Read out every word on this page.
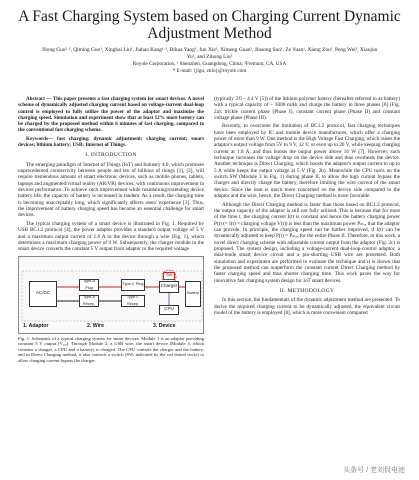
A Fast Charging System based on Charging Current Dynamic Adjustment Method
Jilong Guo¹·², Qiming Guo¹, Xinghai Liu¹, Jiahao Kang¹·², Bihua Yang¹, Jun Xie¹, Ximeng Guan², Jinsong Sun¹, Ze Yuan¹, Xiang Zou¹, Peng Wei¹, Xiaojun Yu¹, and Zihong Liu¹
Royole Corporation, ¹ Shenzhen, Guangdong, China; ²Fremont, CA, USA
* E-mail: {jlgu, zhlo}@royole.com
Abstract — This paper presents a fast charging system for smart devices. A novel scheme of dynamically adjusted charging current based on voltage-current dual-loop control is employed to fully utilize the power of the adaptor and maximize the charging speed. Simulation and experiment show that at least 12% more battery can be charged by the proposed method within 6 minutes of fast charging, compared to the conventional fast charging scheme.
Keywords— fast charging; dynamic adjustment; charging current; smart devices; lithium battery; USB; Internet of Things.
I. INTRODUCTION

The emerging paradigm of Internet of Things (IoT) and Industry 4.0, which promises unprecedented connectivity between people and ten of billions of things [1], [2], will require tremendous amount of smart electronic devices, such as mobile phones, tablets, laptops and augmented/virtual reality (AR/VR) devices, with continuous improvement in devices performance. To achieve such improvement while maintaining/extending device battery life, the capacity of battery is increased in tandem. As a result, the charging time is becoming unacceptably long, which significantly affects users' experience [3]. Thus, the improvement of battery charging speed has become an essential challenge for smart devices.

The typical charging system of a smart device is illustrated in Fig. 1. Required by USB BC1.2 protocol [4], the power adaptor provides a standard output voltage of 5 V and a maximum output current of 1.8 A to the device through a wire (Fig. 1), which determines a maximum charging power of 9 W. Subsequently, the charger module in the smart device converts the constant 5 V output from adaptor to the required voltage

AC/DC
Type-A Plug
Type-A Recep.
Type-C Plug
Type-C Recep.
Charger
SW
CPU
Battery
1. Adaptor	2. Wire	3. Device
Fig. 1. Schematic of a typical charging system for smart devices. Module 1 is an adaptor providing constant 5 V output (Vₐₐₐ). Through Module 2, a USB wire, the smart device (Module 3, which contains a charger, a CPU and a battery) is charged. The CPU controls the charger and the battery, and in Direct Charging method, it also controls a switch (SW, indicated by the red dotted circle) to allow charging current bypass the charger.

(typically 3.0 – 4.4 V [5]) of the lithium polymer battery (hereafter referred to as battery) with a typical capacity of ~ 3000 mAh and charge the battery in three phases [6] (Fig. 2a): trickle current phase (Phase I), constant current phase (Phase II) and constant voltage phase (Phase III).

Recently, to overcome the limitation of BC1.2 protocol, fast charging techniques have been employed by IC and mobile device manufactures, which offer a charging power of more than 9 W. One method is the High Voltage Fast Charging, which raises the adaptor's output voltage from 5V to 9 V, 12 V, or even up to 20 V, while keeping charging current at 1.8 A, and thus boosts the output power above 16 W [7]. However, such technique increases the voltage drop on the device side and thus overheats the device. Another technique is Direct Charging, which boosts the adaptor's output current to up to 5 A while keeps the output voltage at 5 V (Fig. 2b). Meanwhile the CPU turns on the switch SW (Module 3 in Fig. 1) during phase II, to allow the high current bypass the charger and directly charge the battery, therefore limiting the wire current of the smart device. Since the heat is much more concerned on the device side compared to the adaptor and the wire, hence, the Direct Charging method is more favorable.

Although the Direct Charging method is faster than those based on BC1.2 protocol, the output capacity of the adaptor is still not fully utilized. This is because that for most of the time t, the charging current I(t) is constant and hence the battery charging power P(t) (= I(t) × charging voltage V(t)) is less than the maximum power Pₘₐₓ that the adaptor can provide. In principle, the charging speed can be further improved, if I(t) can be dynamically adjusted to keep P(t) = Pₘₐₓ for the entire Phase II. Therefore, in this work, a novel direct charging scheme with adjustable current output from the adaptor (Fig. 2c) is proposed. The system design, including a voltage-current dual-loop-control adaptor, a dual-mode smart device circuit and a pin-shorting USB wire are presented. Both simulation and experiment are performed to evaluate the technique and it is shown that the proposed method can outperform the constant current Direct Charging method by faster charging speed and thus shorter charging time. This work paves the way for innovative fast charging system design for IoT smart devices.

II. METHODOLOGY

In this section, the fundamentals of the dynamic adjustment method are presented. To derive the required charging current to be dynamically adjusted, the equivalent circuit model of the battery is employed [8], which is more convenient compared

头条号 / 老刘侃电池
